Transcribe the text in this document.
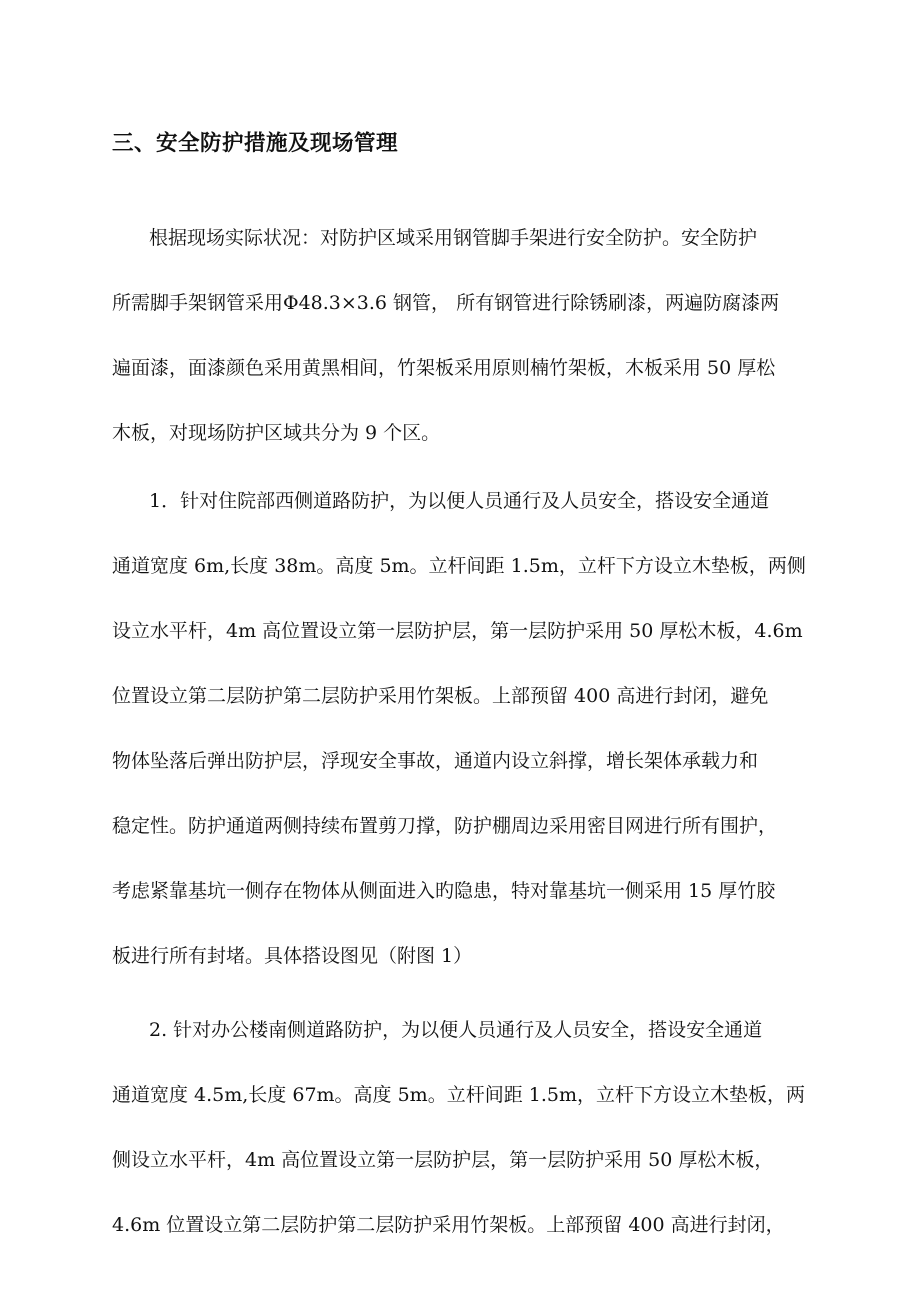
三、安全防护措施及现场管理

根据现场实际状况：对防护区域采用钢管脚手架进行安全防护。安全防护

所需脚手架钢管采用Φ48.3×3.6 钢管， 所有钢管进行除锈刷漆，两遍防腐漆两

遍面漆，面漆颜色采用黄黑相间，竹架板采用原则楠竹架板，木板采用 50 厚松

木板，对现场防护区域共分为 9 个区。

1．针对住院部西侧道路防护，为以便人员通行及人员安全，搭设安全通道

通道宽度 6m,长度 38m。高度 5m。立杆间距 1.5m，立杆下方设立木垫板，两侧

设立水平杆，4m 高位置设立第一层防护层，第一层防护采用 50 厚松木板，4.6m

位置设立第二层防护第二层防护采用竹架板。上部预留 400 高进行封闭，避免

物体坠落后弹出防护层，浮现安全事故，通道内设立斜撑，增长架体承载力和

稳定性。防护通道两侧持续布置剪刀撑，防护棚周边采用密目网进行所有围护，

考虑紧靠基坑一侧存在物体从侧面进入旳隐患，特对靠基坑一侧采用 15 厚竹胶

板进行所有封堵。具体搭设图见（附图 1）

2. 针对办公楼南侧道路防护，为以便人员通行及人员安全，搭设安全通道

通道宽度 4.5m,长度 67m。高度 5m。立杆间距 1.5m，立杆下方设立木垫板，两

侧设立水平杆，4m 高位置设立第一层防护层，第一层防护采用 50 厚松木板，

4.6m 位置设立第二层防护第二层防护采用竹架板。上部预留 400 高进行封闭，
